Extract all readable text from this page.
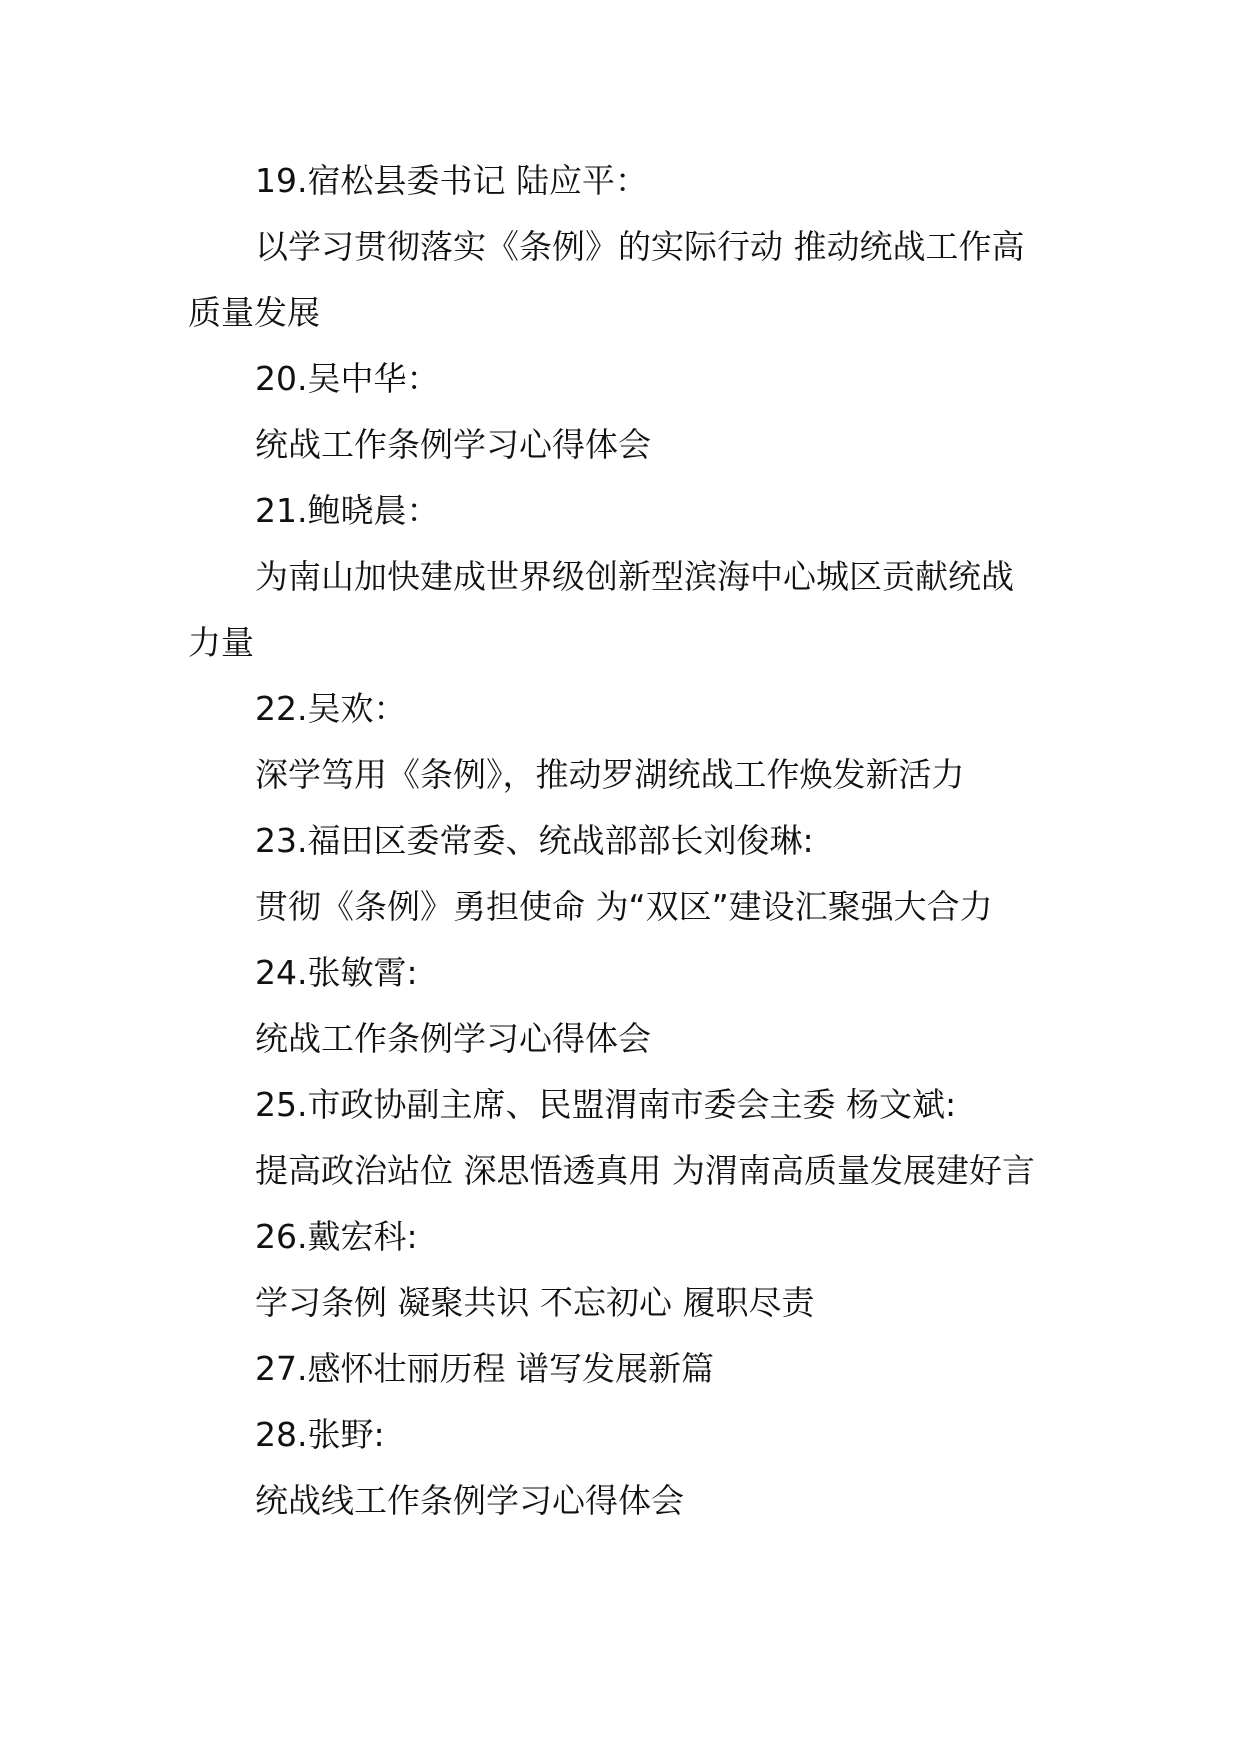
19.宿松县委书记 陆应平：
以学习贯彻落实《条例》的实际行动 推动统战工作高
质量发展
20.吴中华：
统战工作条例学习心得体会
21.鲍晓晨：
为南山加快建成世界级创新型滨海中心城区贡献统战
力量
22.吴欢：
深学笃用《条例》，推动罗湖统战工作焕发新活力
23.福田区委常委、统战部部长刘俊琳:
贯彻《条例》勇担使命 为“双区”建设汇聚强大合力
24.张敏霄:
统战工作条例学习心得体会
25.市政协副主席、民盟渭南市委会主委 杨文斌:
提高政治站位 深思悟透真用 为渭南高质量发展建好言
26.戴宏科:
学习条例 凝聚共识 不忘初心 履职尽责
27.感怀壮丽历程 谱写发展新篇
28.张野:
统战线工作条例学习心得体会
